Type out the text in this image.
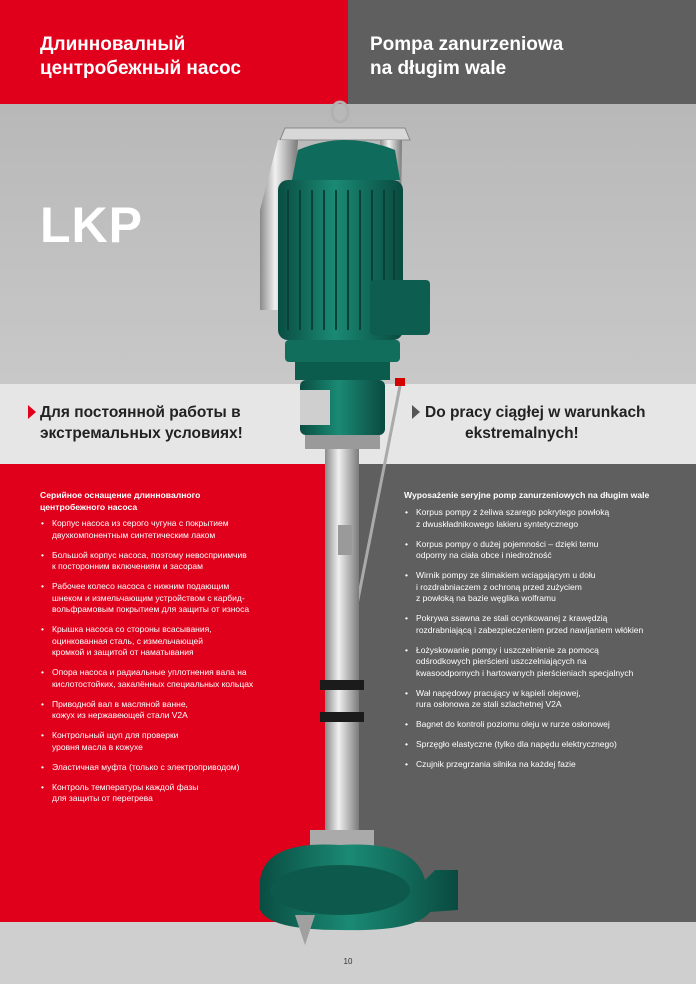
Длинновалный
центробежный насос
Pompa zanurzeniowa
na długim wale
LKP
Для постоянной работы в
экстремальных условиях!
Do pracy ciągłej w warunkach
ekstremalnych!
Серийное оснащение длинновалного
центробежного насоса
• Корпус насоса из серого чугуна с покрытием
двухкомпонентным синтетическим лаком
• Большой корпус насоса, поэтому невосприимчив
к посторонним включениям и засорам
• Рабочее колесо насоса с нижним подающим
шнеком и измельчающим устройством с карбид-
вольфрамовым покрытием для защиты от износа
• Крышка насоса со стороны всасывания,
оцинкованная сталь, с измельчающей
кромкой и защитой от наматывания
• Опора насоса и радиальные уплотнения вала на
кислотостойких, закалённых специальных кольцах
• Приводной вал в масляной ванне,
кожух из нержавеющей стали V2A
• Контрольный щуп для проверки
уровня масла в кожухе
• Эластичная муфта (только с электроприводом)
• Контроль температуры каждой фазы
для защиты от перегрева
Wyposażenie seryjne pomp zanurzeniowych na długim wale
• Korpus pompy z żeliwa szarego pokrytego powłoką
z dwuskładnikowego lakieru syntetycznego
• Korpus pompy o dużej pojemności – dzięki temu
odporny na ciała obce i niedrożność
• Wirnik pompy ze ślimakiem wciągającym u dołu
i rozdrabniaczem z ochroną przed zużyciem
z powłoką na bazie węglika wolframu
• Pokrywa ssawna ze stali ocynkowanej z krawędzią
rozdrabniającą i zabezpieczeniem przed nawijaniem włókien
• Łożyskowanie pompy i uszczelnienie za pomocą
odśrodkowych pierścieni uszczelniających na
kwasoodpornych i hartowanych pierścieniach specjalnych
• Wał napędowy pracujący w kąpieli olejowej,
rura osłonowa ze stali szlachetnej V2A
• Bagnet do kontroli poziomu oleju w rurze osłonowej
• Sprzęgło elastyczne (tylko dla napędu elektrycznego)
• Czujnik przegrzania silnika na każdej fazie
10
